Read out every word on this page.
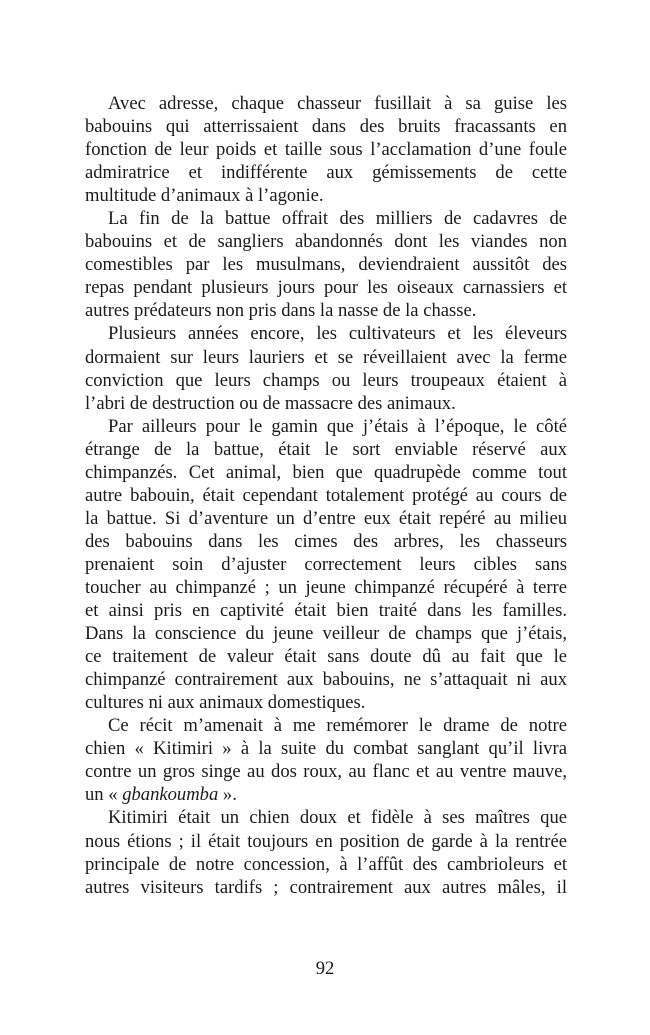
Avec adresse, chaque chasseur fusillait à sa guise les
babouins qui atterrissaient dans des bruits fracassants en
fonction de leur poids et taille sous l’acclamation d’une foule
admiratrice et indifférente aux gémissements de cette
multitude d’animaux à l’agonie.

La fin de la battue offrait des milliers de cadavres de
babouins et de sangliers abandonnés dont les viandes non
comestibles par les musulmans, deviendraient aussitôt des
repas pendant plusieurs jours pour les oiseaux carnassiers et
autres prédateurs non pris dans la nasse de la chasse.

Plusieurs années encore, les cultivateurs et les éleveurs
dormaient sur leurs lauriers et se réveillaient avec la ferme
conviction que leurs champs ou leurs troupeaux étaient à
l’abri de destruction ou de massacre des animaux.

Par ailleurs pour le gamin que j’étais à l’époque, le côté
étrange de la battue, était le sort enviable réservé aux
chimpanzés. Cet animal, bien que quadrupède comme tout
autre babouin, était cependant totalement protégé au cours de
la battue. Si d’aventure un d’entre eux était repéré au milieu
des babouins dans les cimes des arbres, les chasseurs
prenaient soin d’ajuster correctement leurs cibles sans
toucher au chimpanzé ; un jeune chimpanzé récupéré à terre
et ainsi pris en captivité était bien traité dans les familles.
Dans la conscience du jeune veilleur de champs que j’étais,
ce traitement de valeur était sans doute dû au fait que le
chimpanzé contrairement aux babouins, ne s’attaquait ni aux
cultures ni aux animaux domestiques.

Ce récit m’amenait à me remémorer le drame de notre
chien « Kitimiri » à la suite du combat sanglant qu’il livra
contre un gros singe au dos roux, au flanc et au ventre mauve,
un « gbankoumba ».

Kitimiri était un chien doux et fidèle à ses maîtres que
nous étions ; il était toujours en position de garde à la rentrée
principale de notre concession, à l’affût des cambrioleurs et
autres visiteurs tardifs ; contrairement aux autres mâles, il

92
